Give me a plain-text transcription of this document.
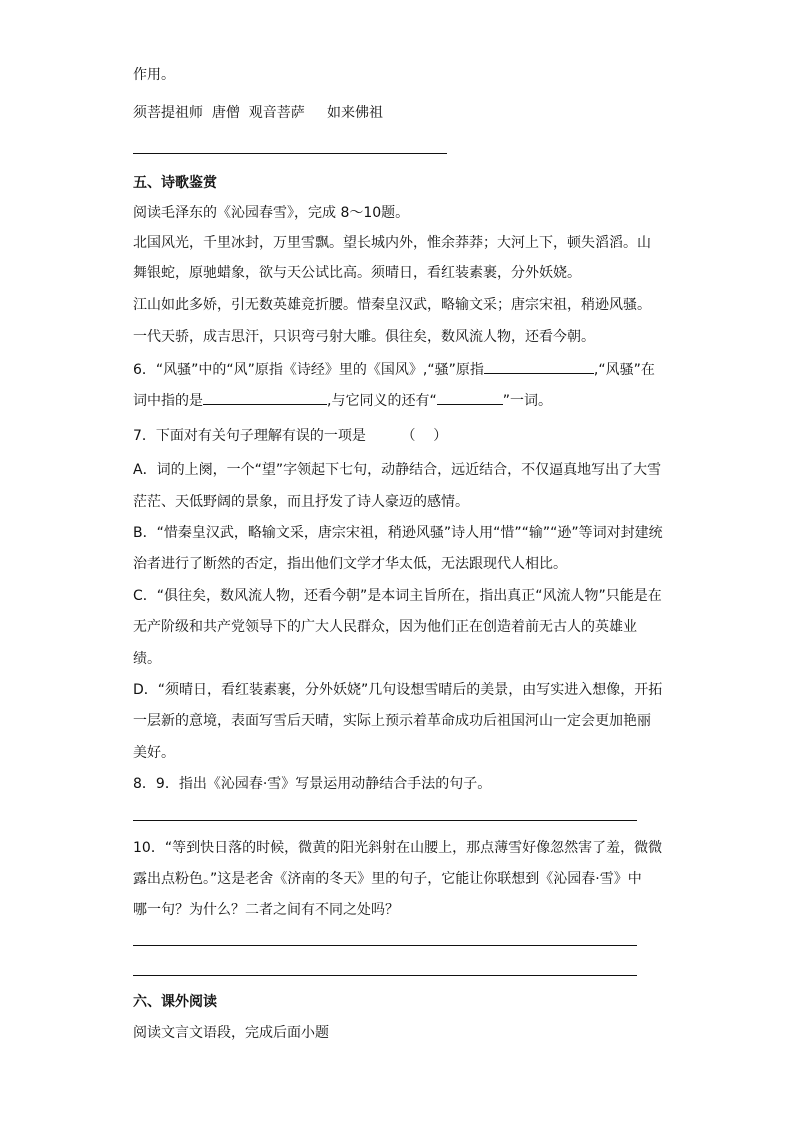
作用。
须菩提祖师  唐僧  观音菩萨     如来佛祖
五、诗歌鉴赏
阅读毛泽东的《沁园春雪》，完成 8～10题。
北国风光，千里冰封，万里雪飘。望长城内外，惟余莽莽；大河上下，顿失滔滔。山
舞银蛇，原驰蜡象，欲与天公试比高。须晴日，看红装素裹，分外妖娆。
江山如此多娇，引无数英雄竞折腰。惜秦皇汉武，略输文采；唐宗宋祖，稍逊风骚。
一代天骄，成吉思汗，只识弯弓射大雕。俱往矣，数风流人物，还看今朝。
6．“风骚”中的“风”原指《诗经》里的《国风》,“骚”原指	,“风骚”在
词中指的是	,与它同义的还有“	”一词。
7．下面对有关句子理解有误的一项是        （    ）
A．词的上阕，一个“望”字领起下七句，动静结合，远近结合，不仅逼真地写出了大雪
茫茫、天低野阔的景象，而且抒发了诗人豪迈的感情。
B．“惜秦皇汉武，略输文采，唐宗宋祖，稍逊风骚”诗人用“惜”“输”“逊”等词对封建统
治者进行了断然的否定，指出他们文学才华太低，无法跟现代人相比。
C．“俱往矣，数风流人物，还看今朝”是本词主旨所在，指出真正“风流人物”只能是在
无产阶级和共产党领导下的广大人民群众，因为他们正在创造着前无古人的英雄业
绩。
D．“须晴日，看红装素裹，分外妖娆”几句设想雪晴后的美景，由写实进入想像，开拓
一层新的意境，表面写雪后天晴，实际上预示着革命成功后祖国河山一定会更加艳丽
美好。
8．9．指出《沁园春·雪》写景运用动静结合手法的句子。
10．“等到快日落的时候，微黄的阳光斜射在山腰上，那点薄雪好像忽然害了羞，微微
露出点粉色。”这是老舍《济南的冬天》里的句子，它能让你联想到《沁园春·雪》中
哪一句？为什么？二者之间有不同之处吗？
六、课外阅读
阅读文言文语段，完成后面小题
